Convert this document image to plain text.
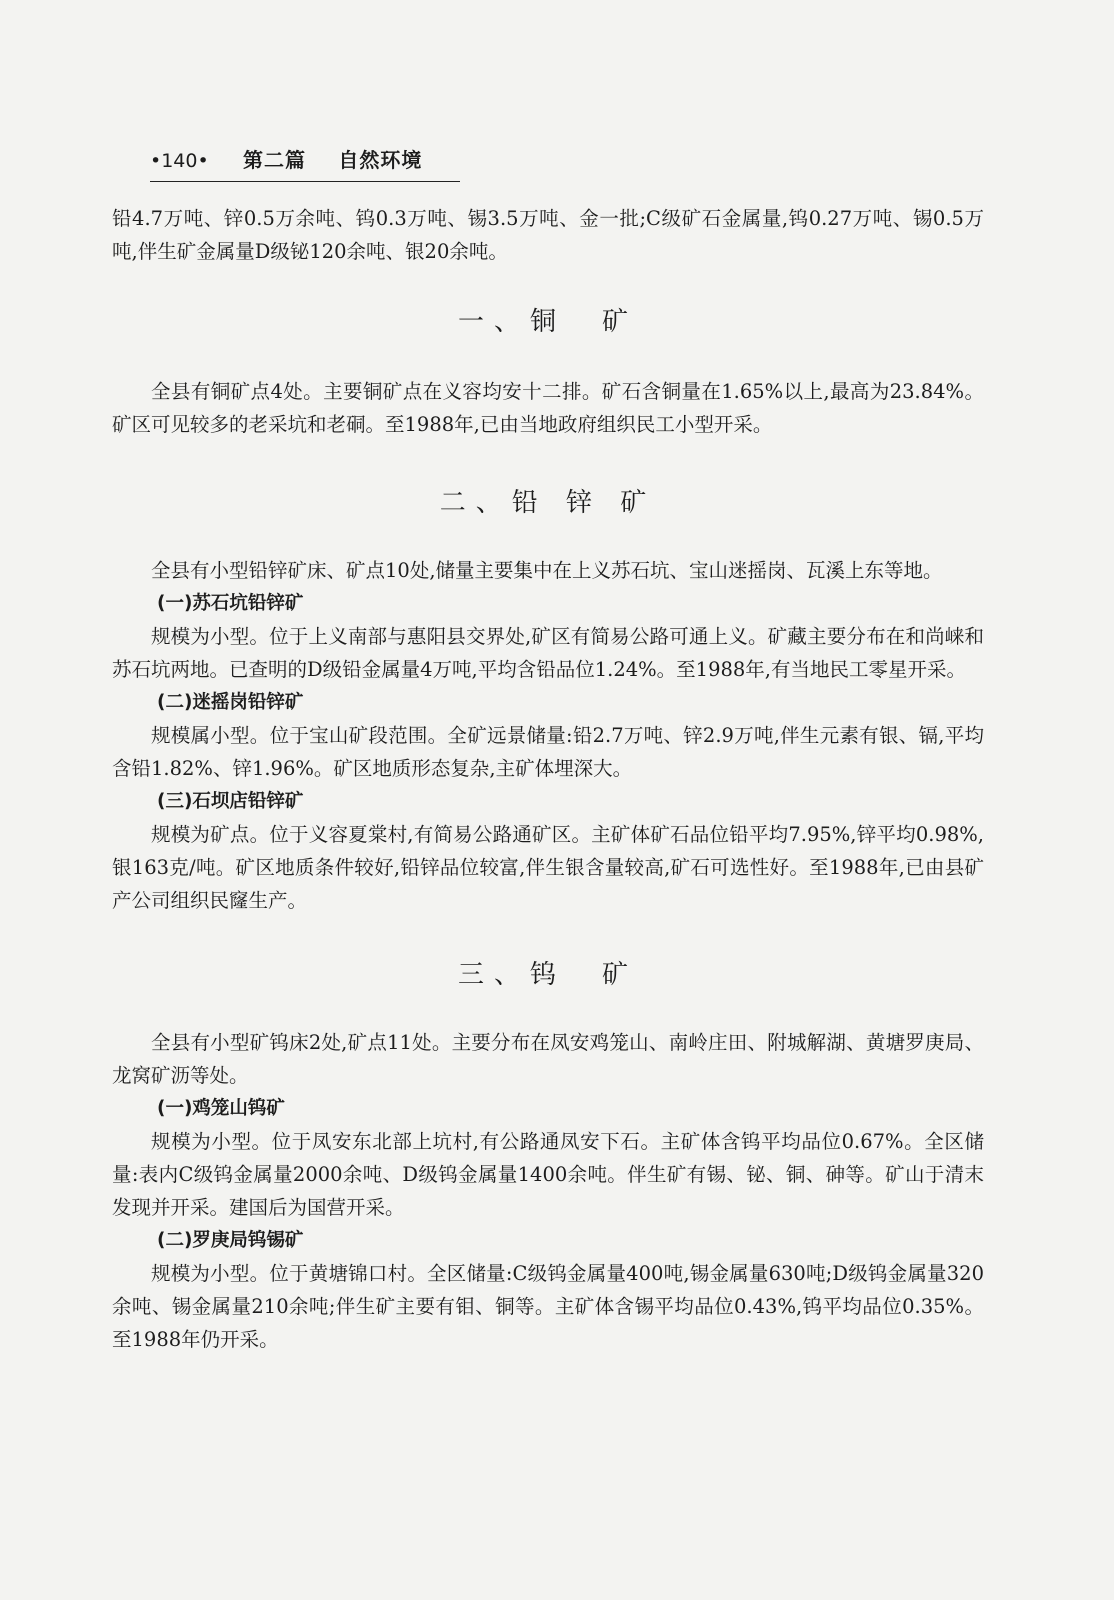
•140• 第二篇 自然环境

铅4.7万吨、锌0.5万余吨、钨0.3万吨、锡3.5万吨、金一批;C级矿石金属量,钨0.27万吨、锡0.5万吨,伴生矿金属量D级铋120余吨、银20余吨。

一、铜　矿

全县有铜矿点4处。主要铜矿点在义容均安十二排。矿石含铜量在1.65%以上,最高为23.84%。矿区可见较多的老采坑和老硐。至1988年,已由当地政府组织民工小型开采。

二、铅 锌 矿

全县有小型铅锌矿床、矿点10处,储量主要集中在上义苏石坑、宝山迷摇岗、瓦溪上东等地。

(一)苏石坑铅锌矿

规模为小型。位于上义南部与惠阳县交界处,矿区有简易公路可通上义。矿藏主要分布在和尚崃和苏石坑两地。已查明的D级铅金属量4万吨,平均含铅品位1.24%。至1988年,有当地民工零星开采。

(二)迷摇岗铅锌矿

规模属小型。位于宝山矿段范围。全矿远景储量:铅2.7万吨、锌2.9万吨,伴生元素有银、镉,平均含铅1.82%、锌1.96%。矿区地质形态复杂,主矿体埋深大。

(三)石坝店铅锌矿

规模为矿点。位于义容夏棠村,有简易公路通矿区。主矿体矿石品位铅平均7.95%,锌平均0.98%,银163克/吨。矿区地质条件较好,铅锌品位较富,伴生银含量较高,矿石可选性好。至1988年,已由县矿产公司组织民窿生产。

三、钨　矿

全县有小型矿钨床2处,矿点11处。主要分布在凤安鸡笼山、南岭庄田、附城解湖、黄塘罗庚局、龙窝矿沥等处。

(一)鸡笼山钨矿

规模为小型。位于凤安东北部上坑村,有公路通凤安下石。主矿体含钨平均品位0.67%。全区储量:表内C级钨金属量2000余吨、D级钨金属量1400余吨。伴生矿有锡、铋、铜、砷等。矿山于清末发现并开采。建国后为国营开采。

(二)罗庚局钨锡矿

规模为小型。位于黄塘锦口村。全区储量:C级钨金属量400吨,锡金属量630吨;D级钨金属量320余吨、锡金属量210余吨;伴生矿主要有钼、铜等。主矿体含锡平均品位0.43%,钨平均品位0.35%。至1988年仍开采。
